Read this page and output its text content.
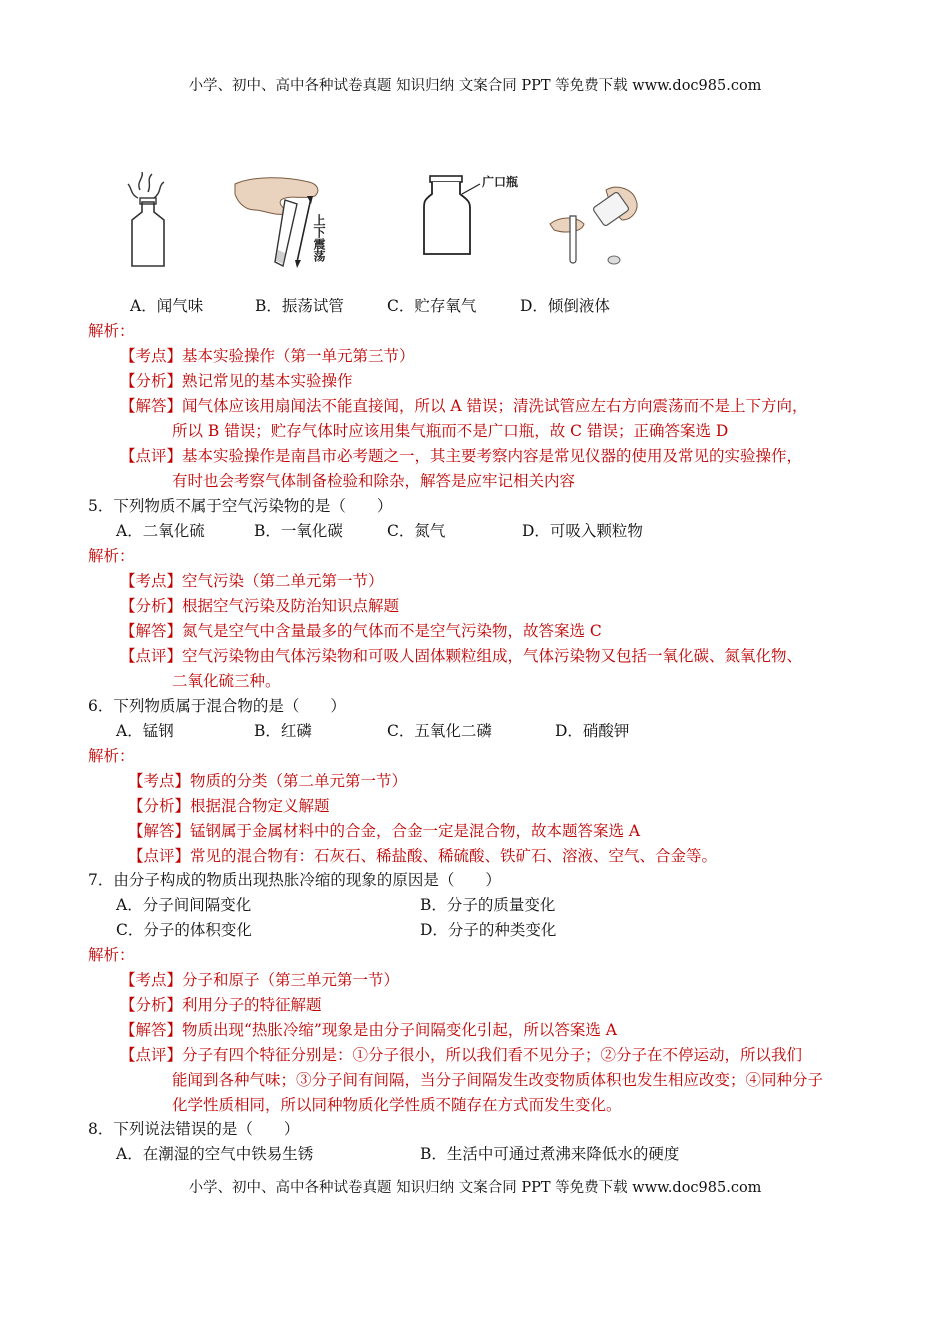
小学、初中、高中各种试卷真题 知识归纳 文案合同 PPT 等免费下载 www.doc985.com
上下震荡
广口瓶
A．闻气味	B．振荡试管	C．贮存氧气	D．倾倒液体
解析：
【考点】基本实验操作（第一单元第三节）
【分析】熟记常见的基本实验操作
【解答】闻气体应该用扇闻法不能直接闻，所以 A 错误；清洗试管应左右方向震荡而不是上下方向，
所以 B 错误；贮存气体时应该用集气瓶而不是广口瓶，故 C 错误；正确答案选 D
【点评】基本实验操作是南昌市必考题之一，其主要考察内容是常见仪器的使用及常见的实验操作，
有时也会考察气体制备检验和除杂，解答是应牢记相关内容
5．下列物质不属于空气污染物的是（　　）
A．二氧化硫	B．一氧化碳	C．氮气	D．可吸入颗粒物
解析：
【考点】空气污染（第二单元第一节）
【分析】根据空气污染及防治知识点解题
【解答】氮气是空气中含量最多的气体而不是空气污染物，故答案选 C
【点评】空气污染物由气体污染物和可吸人固体颗粒组成，气体污染物又包括一氧化碳、氮氧化物、
二氧化硫三种。
6．下列物质属于混合物的是（　　）
A．锰钢	B．红磷	C．五氧化二磷	D．硝酸钾
解析：
【考点】物质的分类（第二单元第一节）
【分析】根据混合物定义解题
【解答】锰钢属于金属材料中的合金，合金一定是混合物，故本题答案选 A
【点评】常见的混合物有：石灰石、稀盐酸、稀硫酸、铁矿石、溶液、空气、合金等。
7．由分子构成的物质出现热胀冷缩的现象的原因是（　　）
A．分子间间隔变化	B．分子的质量变化
C．分子的体积变化	D．分子的种类变化
解析：
【考点】分子和原子（第三单元第一节）
【分析】利用分子的特征解题
【解答】物质出现“热胀冷缩”现象是由分子间隔变化引起，所以答案选 A
【点评】分子有四个特征分别是：①分子很小，所以我们看不见分子；②分子在不停运动，所以我们
能闻到各种气味；③分子间有间隔，当分子间隔发生改变物质体积也发生相应改变；④同种分子
化学性质相同，所以同种物质化学性质不随存在方式而发生变化。
8．下列说法错误的是（　　）
A．在潮湿的空气中铁易生锈	B．生活中可通过煮沸来降低水的硬度
小学、初中、高中各种试卷真题 知识归纳 文案合同 PPT 等免费下载 www.doc985.com
